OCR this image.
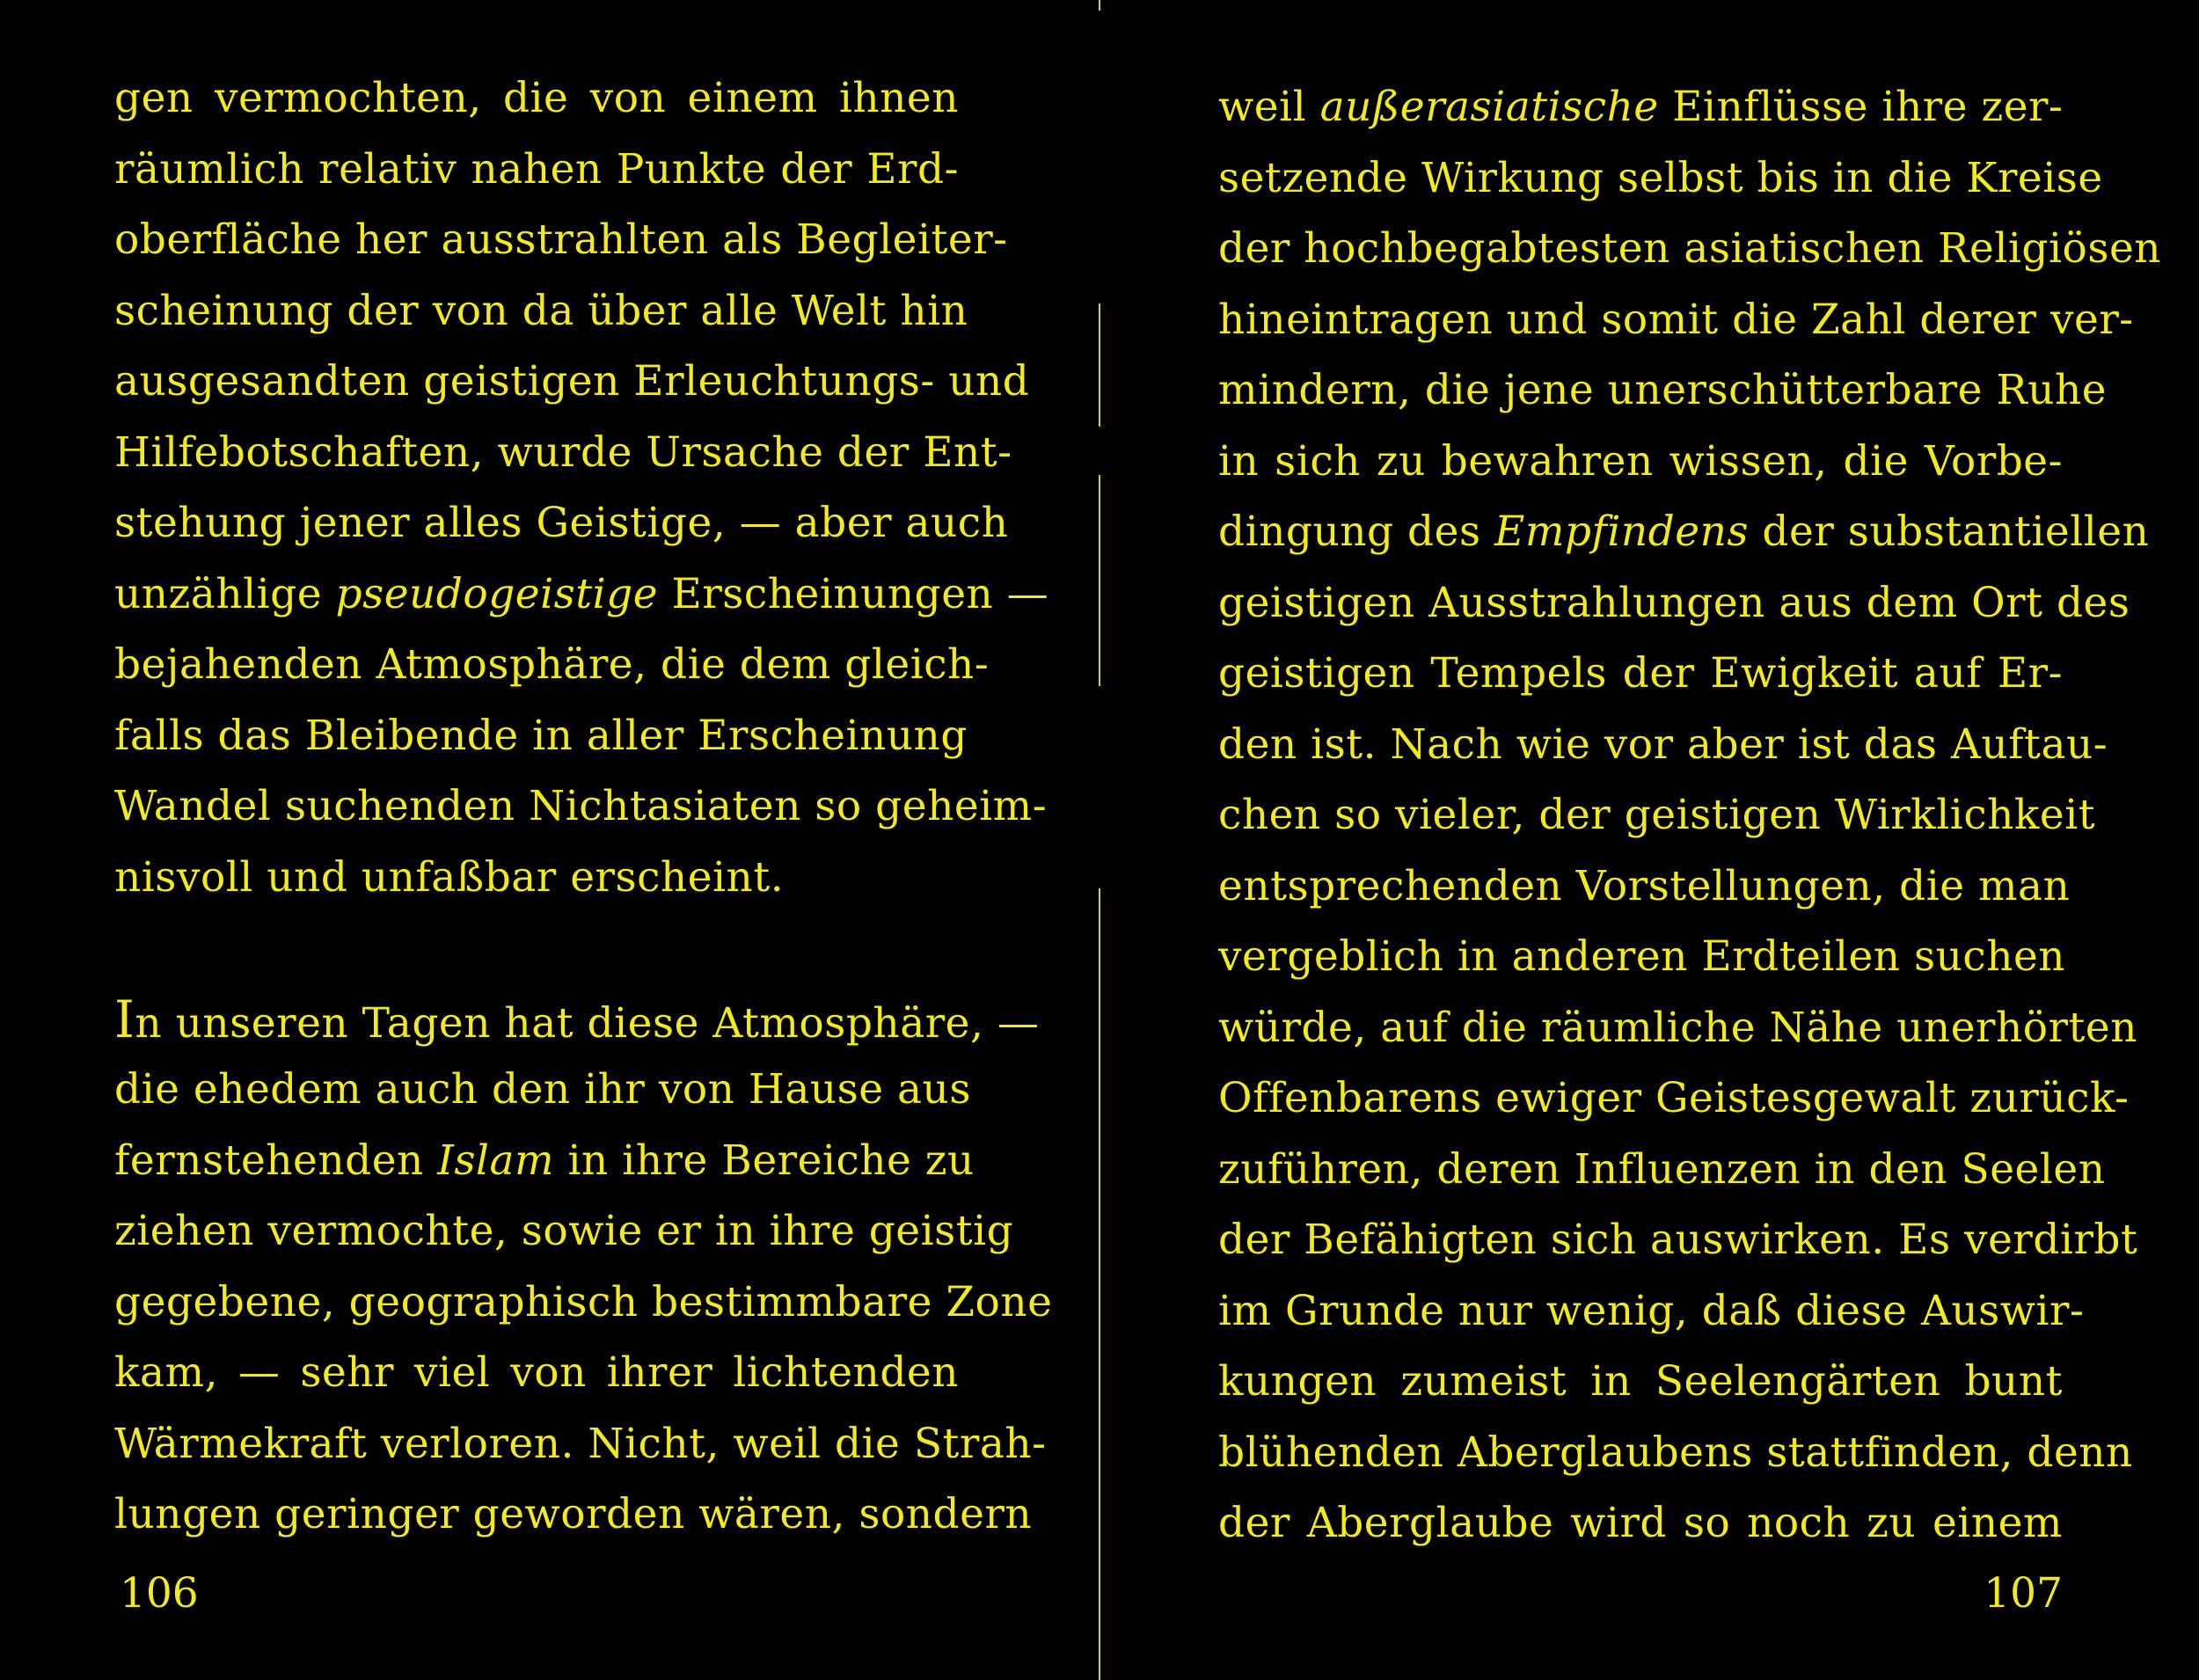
gen vermochten, die von einem ihnen
räumlich relativ nahen Punkte der Erd-
oberfläche her ausstrahlten als Begleiter-
scheinung der von da über alle Welt hin
ausgesandten geistigen Erleuchtungs- und
Hilfebotschaften, wurde Ursache der Ent-
stehung jener alles Geistige, — aber auch
unzählige pseudogeistige Erscheinungen —
bejahenden Atmosphäre, die dem gleich-
falls das Bleibende in aller Erscheinung
Wandel suchenden Nichtasiaten so geheim-
nisvoll und unfaßbar erscheint.
In unseren Tagen hat diese Atmosphäre, —
die ehedem auch den ihr von Hause aus
fernstehenden Islam in ihre Bereiche zu
ziehen vermochte, sowie er in ihre geistig
gegebene, geographisch bestimmbare Zone
kam, — sehr viel von ihrer lichtenden
Wärmekraft verloren. Nicht, weil die Strah-
lungen geringer geworden wären, sondern
106
weil außerasiatische Einflüsse ihre zer-
setzende Wirkung selbst bis in die Kreise
der hochbegabtesten asiatischen Religiösen
hineintragen und somit die Zahl derer ver-
mindern, die jene unerschütterbare Ruhe
in sich zu bewahren wissen, die Vorbe-
dingung des Empfindens der substantiellen
geistigen Ausstrahlungen aus dem Ort des
geistigen Tempels der Ewigkeit auf Er-
den ist. Nach wie vor aber ist das Auftau-
chen so vieler, der geistigen Wirklichkeit
entsprechenden Vorstellungen, die man
vergeblich in anderen Erdteilen suchen
würde, auf die räumliche Nähe unerhörten
Offenbarens ewiger Geistesgewalt zurück-
zuführen, deren Influenzen in den Seelen
der Befähigten sich auswirken. Es verdirbt
im Grunde nur wenig, daß diese Auswir-
kungen zumeist in Seelengärten bunt
blühenden Aberglaubens stattfinden, denn
der Aberglaube wird so noch zu einem
107
